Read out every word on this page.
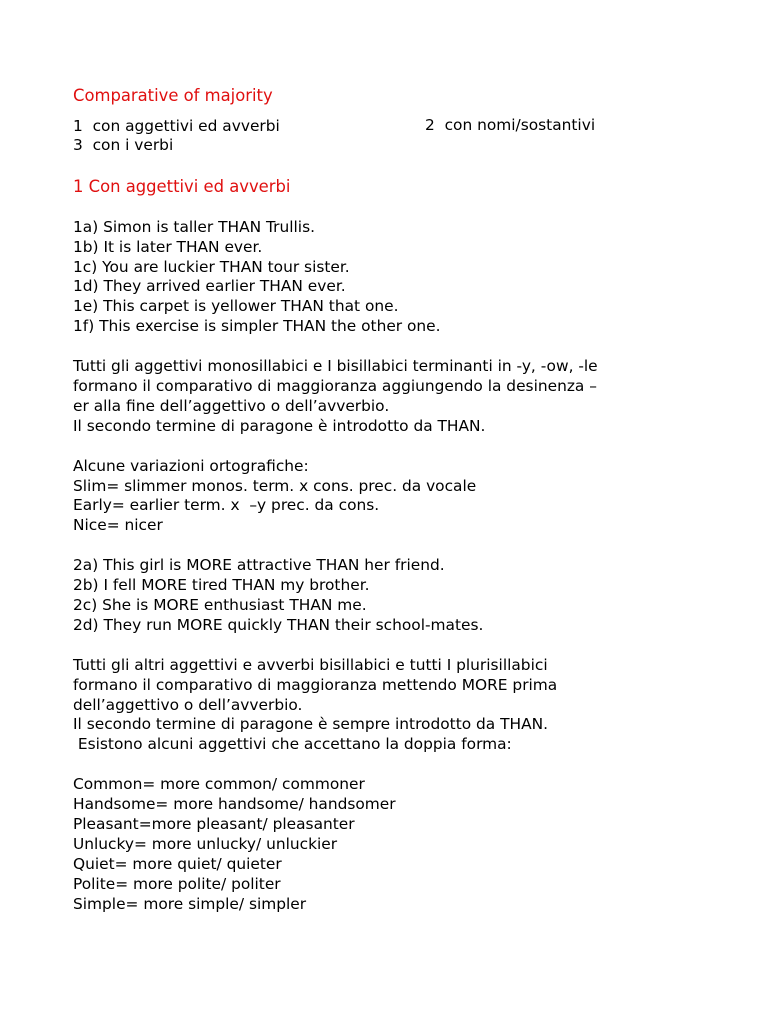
Comparative of majority
1  con aggettivi ed avverbi	2  con nomi/sostantivi
3  con i verbi
1 Con aggettivi ed avverbi
1a) Simon is taller THAN Trullis.
1b) It is later THAN ever.
1c) You are luckier THAN tour sister.
1d) They arrived earlier THAN ever.
1e) This carpet is yellower THAN that one.
1f) This exercise is simpler THAN the other one.
Tutti gli aggettivi monosillabici e I bisillabici terminanti in -y, -ow, -le
formano il comparativo di maggioranza aggiungendo la desinenza –
er alla fine dell’aggettivo o dell’avverbio.
Il secondo termine di paragone è introdotto da THAN.
Alcune variazioni ortografiche:
Slim= slimmer monos. term. x cons. prec. da vocale
Early= earlier term. x  –y prec. da cons.
Nice= nicer
2a) This girl is MORE attractive THAN her friend.
2b) I fell MORE tired THAN my brother.
2c) She is MORE enthusiast THAN me.
2d) They run MORE quickly THAN their school-mates.
Tutti gli altri aggettivi e avverbi bisillabici e tutti I plurisillabici
formano il comparativo di maggioranza mettendo MORE prima
dell’aggettivo o dell’avverbio.
Il secondo termine di paragone è sempre introdotto da THAN.
Esistono alcuni aggettivi che accettano la doppia forma:
Common= more common/ commoner
Handsome= more handsome/ handsomer
Pleasant=more pleasant/ pleasanter
Unlucky= more unlucky/ unluckier
Quiet= more quiet/ quieter
Polite= more polite/ politer
Simple= more simple/ simpler
